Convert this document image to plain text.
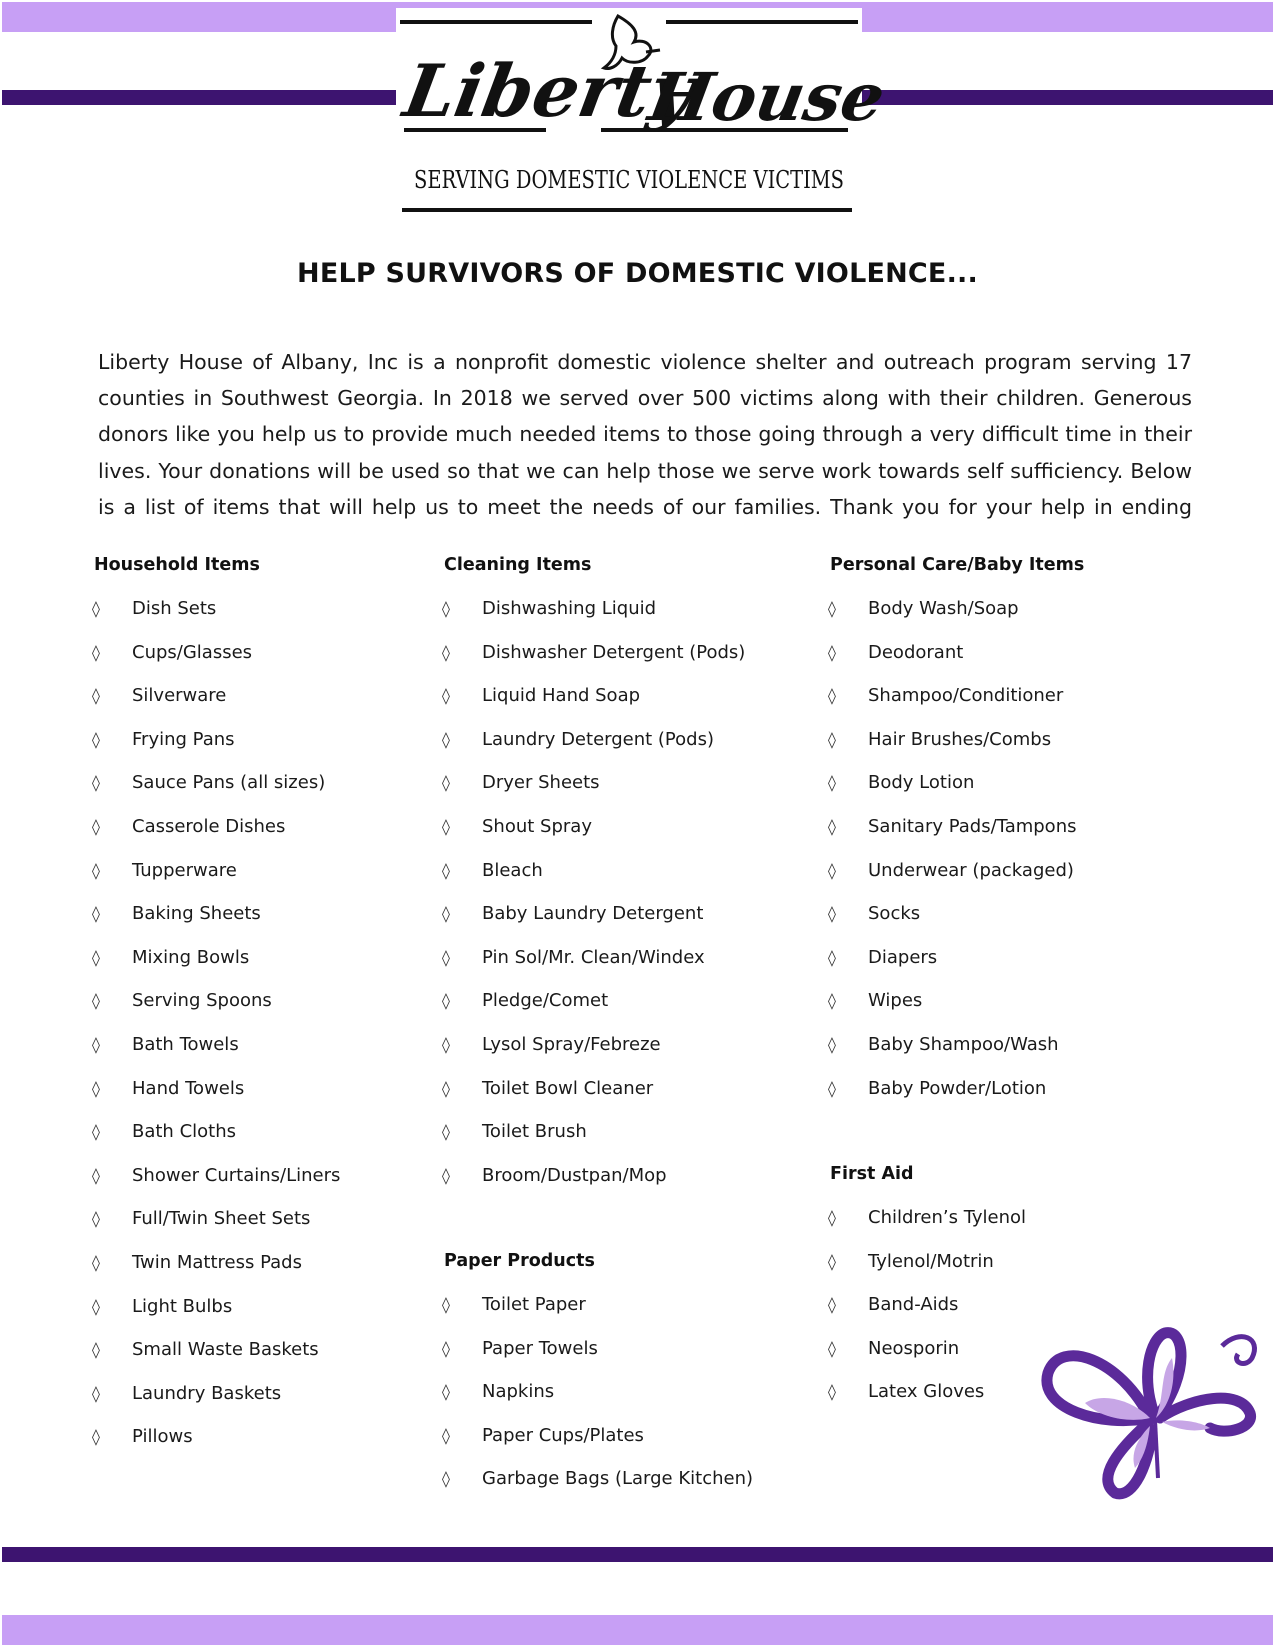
Liberty
House
SERVING DOMESTIC VIOLENCE VICTIMS
HELP SURVIVORS OF DOMESTIC VIOLENCE...
Liberty House of Albany, Inc is a nonprofit domestic violence shelter and outreach program serving 17 counties in Southwest Georgia. In 2018 we served over 500 victims along with their children. Generous donors like you help us to provide much needed items to those going through a very difficult time in their lives. Your donations will be used so that we can help those we serve work towards self sufficiency. Below is a list of items that will help us to meet the needs of our families. Thank you for your help in ending
Household Items
◊ Dish Sets
◊ Cups/Glasses
◊ Silverware
◊ Frying Pans
◊ Sauce Pans (all sizes)
◊ Casserole Dishes
◊ Tupperware
◊ Baking Sheets
◊ Mixing Bowls
◊ Serving Spoons
◊ Bath Towels
◊ Hand Towels
◊ Bath Cloths
◊ Shower Curtains/Liners
◊ Full/Twin Sheet Sets
◊ Twin Mattress Pads
◊ Light Bulbs
◊ Small Waste Baskets
◊ Laundry Baskets
◊ Pillows
Cleaning Items
◊ Dishwashing Liquid
◊ Dishwasher Detergent (Pods)
◊ Liquid Hand Soap
◊ Laundry Detergent (Pods)
◊ Dryer Sheets
◊ Shout Spray
◊ Bleach
◊ Baby Laundry Detergent
◊ Pin Sol/Mr. Clean/Windex
◊ Pledge/Comet
◊ Lysol Spray/Febreze
◊ Toilet Bowl Cleaner
◊ Toilet Brush
◊ Broom/Dustpan/Mop
Paper Products
◊ Toilet Paper
◊ Paper Towels
◊ Napkins
◊ Paper Cups/Plates
◊ Garbage Bags (Large Kitchen)
Personal Care/Baby Items
◊ Body Wash/Soap
◊ Deodorant
◊ Shampoo/Conditioner
◊ Hair Brushes/Combs
◊ Body Lotion
◊ Sanitary Pads/Tampons
◊ Underwear (packaged)
◊ Socks
◊ Diapers
◊ Wipes
◊ Baby Shampoo/Wash
◊ Baby Powder/Lotion
First Aid
◊ Children’s Tylenol
◊ Tylenol/Motrin
◊ Band-Aids
◊ Neosporin
◊ Latex Gloves
